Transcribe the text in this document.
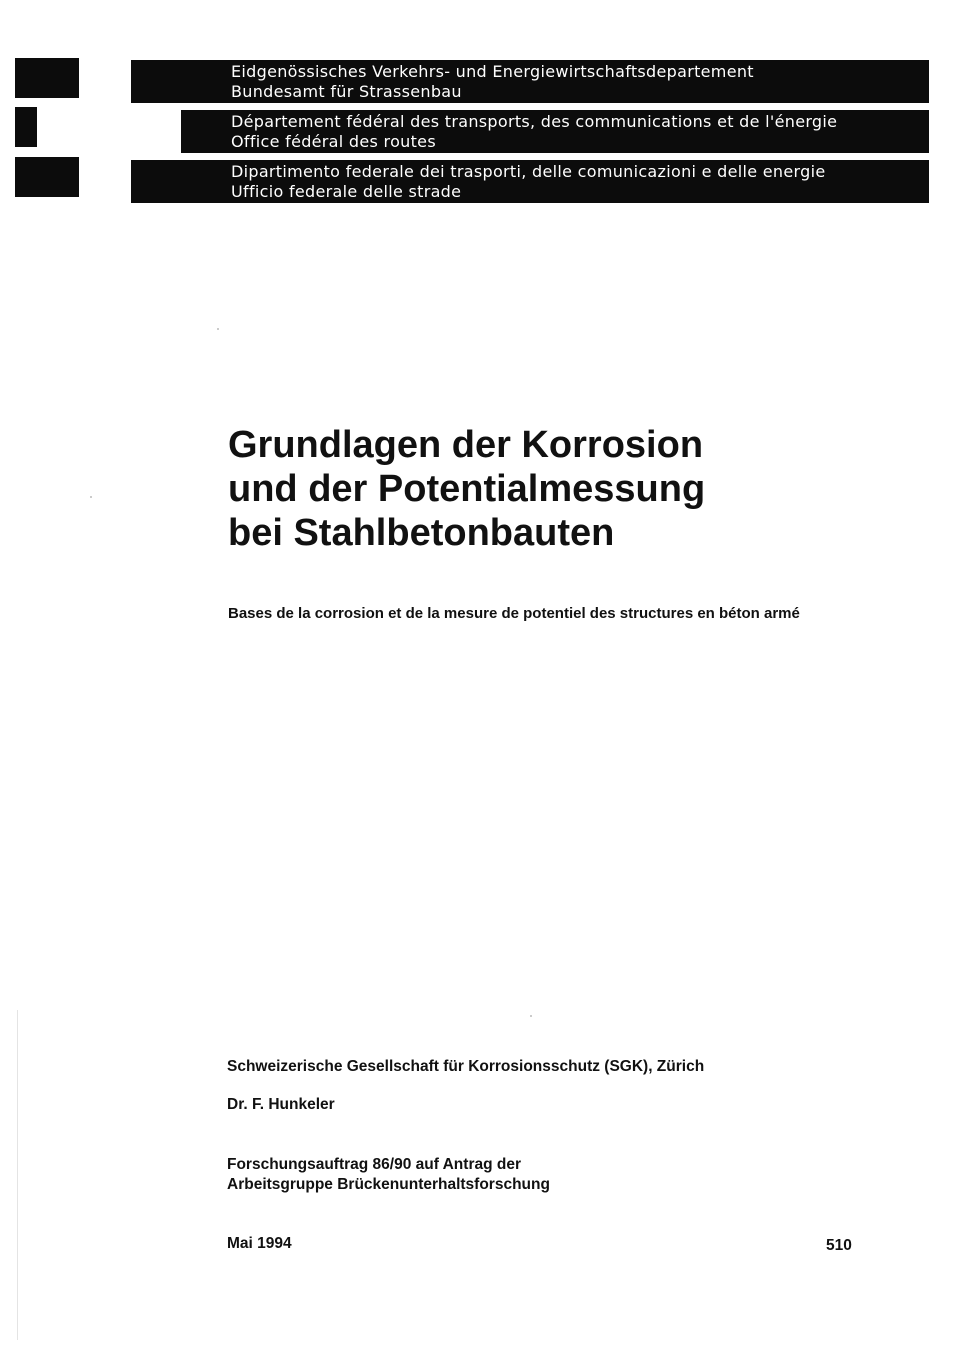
Eidgenössisches Verkehrs- und Energiewirtschaftsdepartement
Bundesamt für Strassenbau
Département fédéral des transports, des communications et de l'énergie
Office fédéral des routes
Dipartimento federale dei trasporti, delle comunicazioni e delle energie
Ufficio federale delle strade
Grundlagen der Korrosion
und der Potentialmessung
bei Stahlbetonbauten

Bases de la corrosion et de la mesure de potentiel des structures en béton armé

Schweizerische Gesellschaft für Korrosionsschutz (SGK), Zürich

Dr. F. Hunkeler

Forschungsauftrag 86/90 auf Antrag der
Arbeitsgruppe Brückenunterhaltsforschung

Mai 1994	510
